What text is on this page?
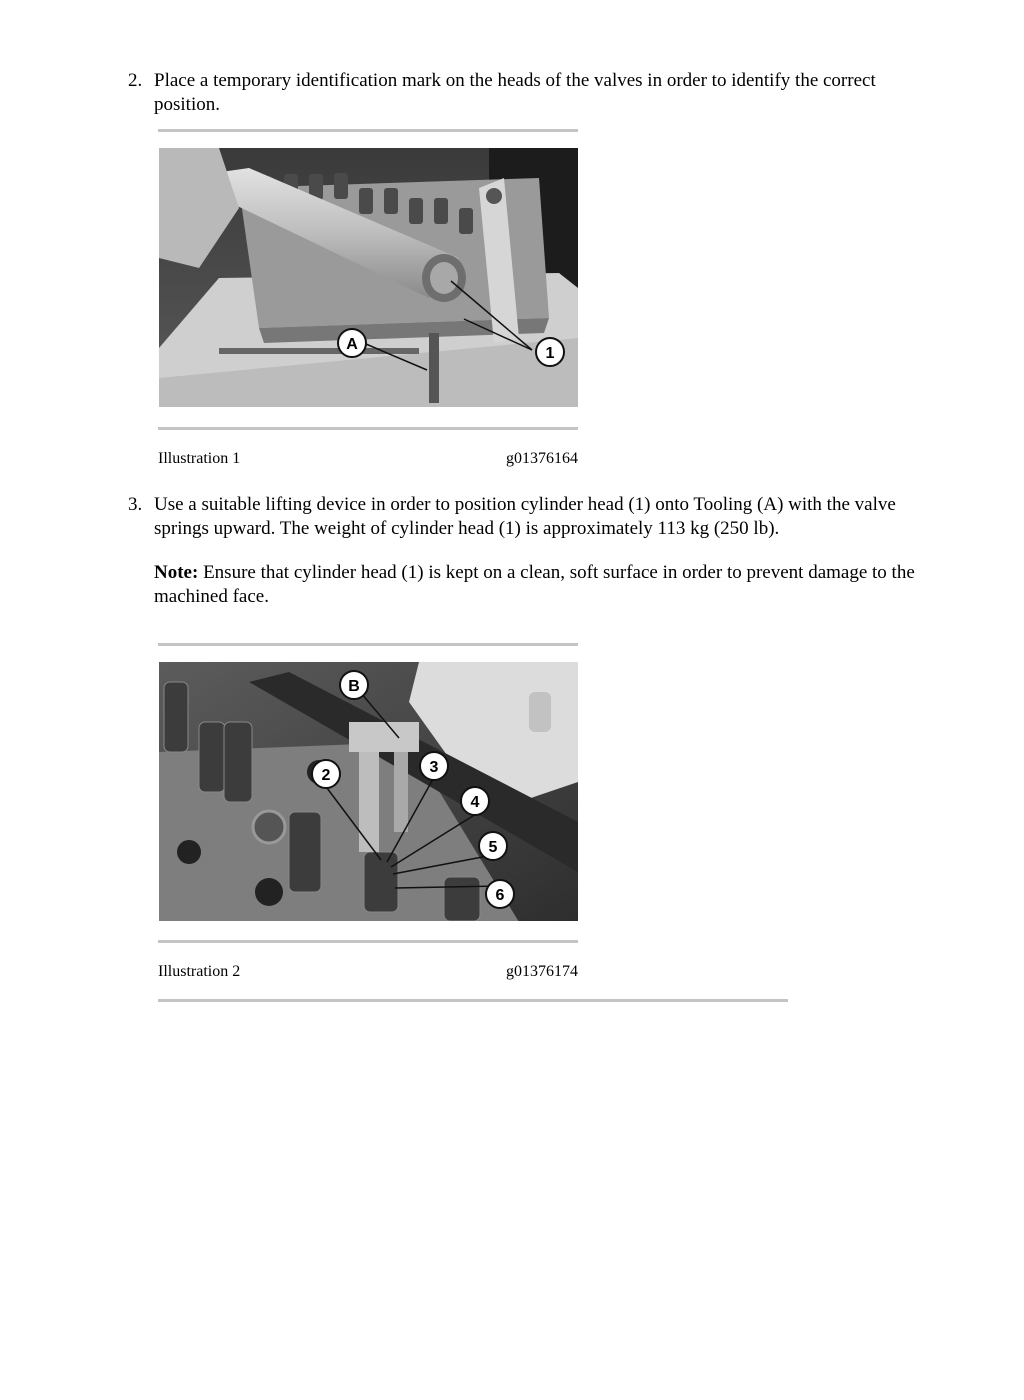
2. Place a temporary identification mark on the heads of the valves in order to identify the correct position.
A
1
Illustration 1	g01376164
3. Use a suitable lifting device in order to position cylinder head (1) onto Tooling (A) with the valve springs upward. The weight of cylinder head (1) is approximately 113 kg (250 lb).
Note: Ensure that cylinder head (1) is kept on a clean, soft surface in order to prevent damage to the machined face.
B
2	3
4
5
6
Illustration 2	g01376174
